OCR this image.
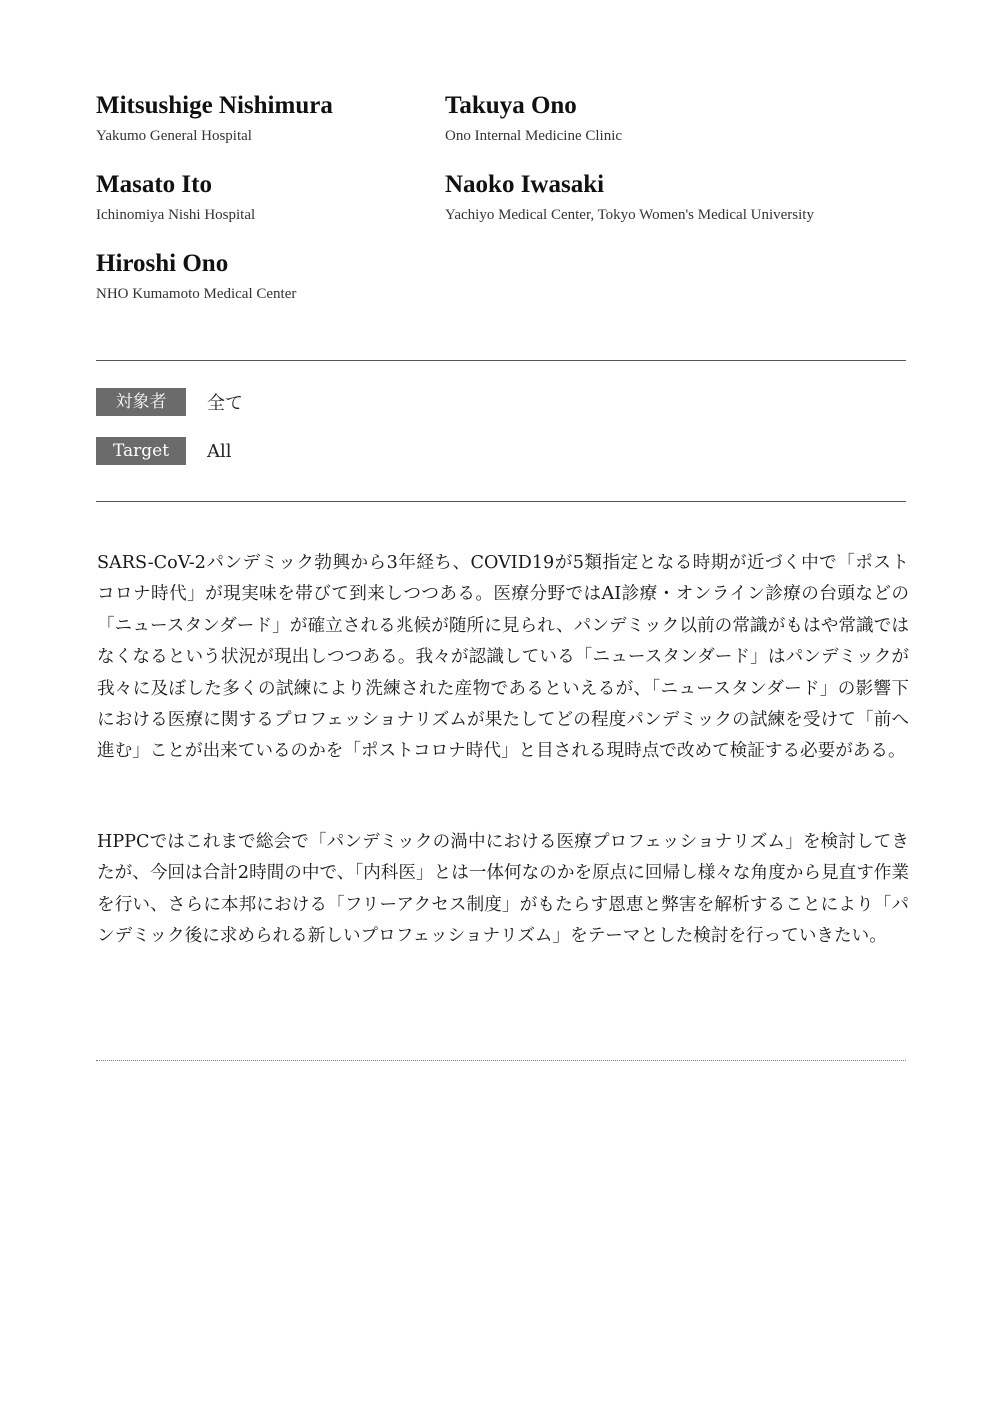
Mitsushige Nishimura
Yakumo General Hospital
Takuya Ono
Ono Internal Medicine Clinic
Masato Ito
Ichinomiya Nishi Hospital
Naoko Iwasaki
Yachiyo Medical Center, Tokyo Women's Medical University
Hiroshi Ono
NHO Kumamoto Medical Center
対象者	全て
Target	All

SARS-CoV-2パンデミック勃興から3年経ち、COVID19が5類指定となる時期が近づく中で「ポストコロナ時代」が現実味を帯びて到来しつつある。医療分野ではAI診療・オンライン診療の台頭などの「ニュースタンダード」が確立される兆候が随所に見られ、パンデミック以前の常識がもはや常識ではなくなるという状況が現出しつつある。我々が認識している「ニュースタンダード」はパンデミックが我々に及ぼした多くの試練により洗練された産物であるといえるが、「ニュースタンダード」の影響下における医療に関するプロフェッショナリズムが果たしてどの程度パンデミックの試練を受けて「前へ進む」ことが出来ているのかを「ポストコロナ時代」と目される現時点で改めて検証する必要がある。

HPPCではこれまで総会で「パンデミックの渦中における医療プロフェッショナリズム」を検討してきたが、今回は合計2時間の中で、「内科医」とは一体何なのかを原点に回帰し様々な角度から見直す作業を行い、さらに本邦における「フリーアクセス制度」がもたらす恩恵と弊害を解析することにより「パンデミック後に求められる新しいプロフェッショナリズム」をテーマとした検討を行っていきたい。
